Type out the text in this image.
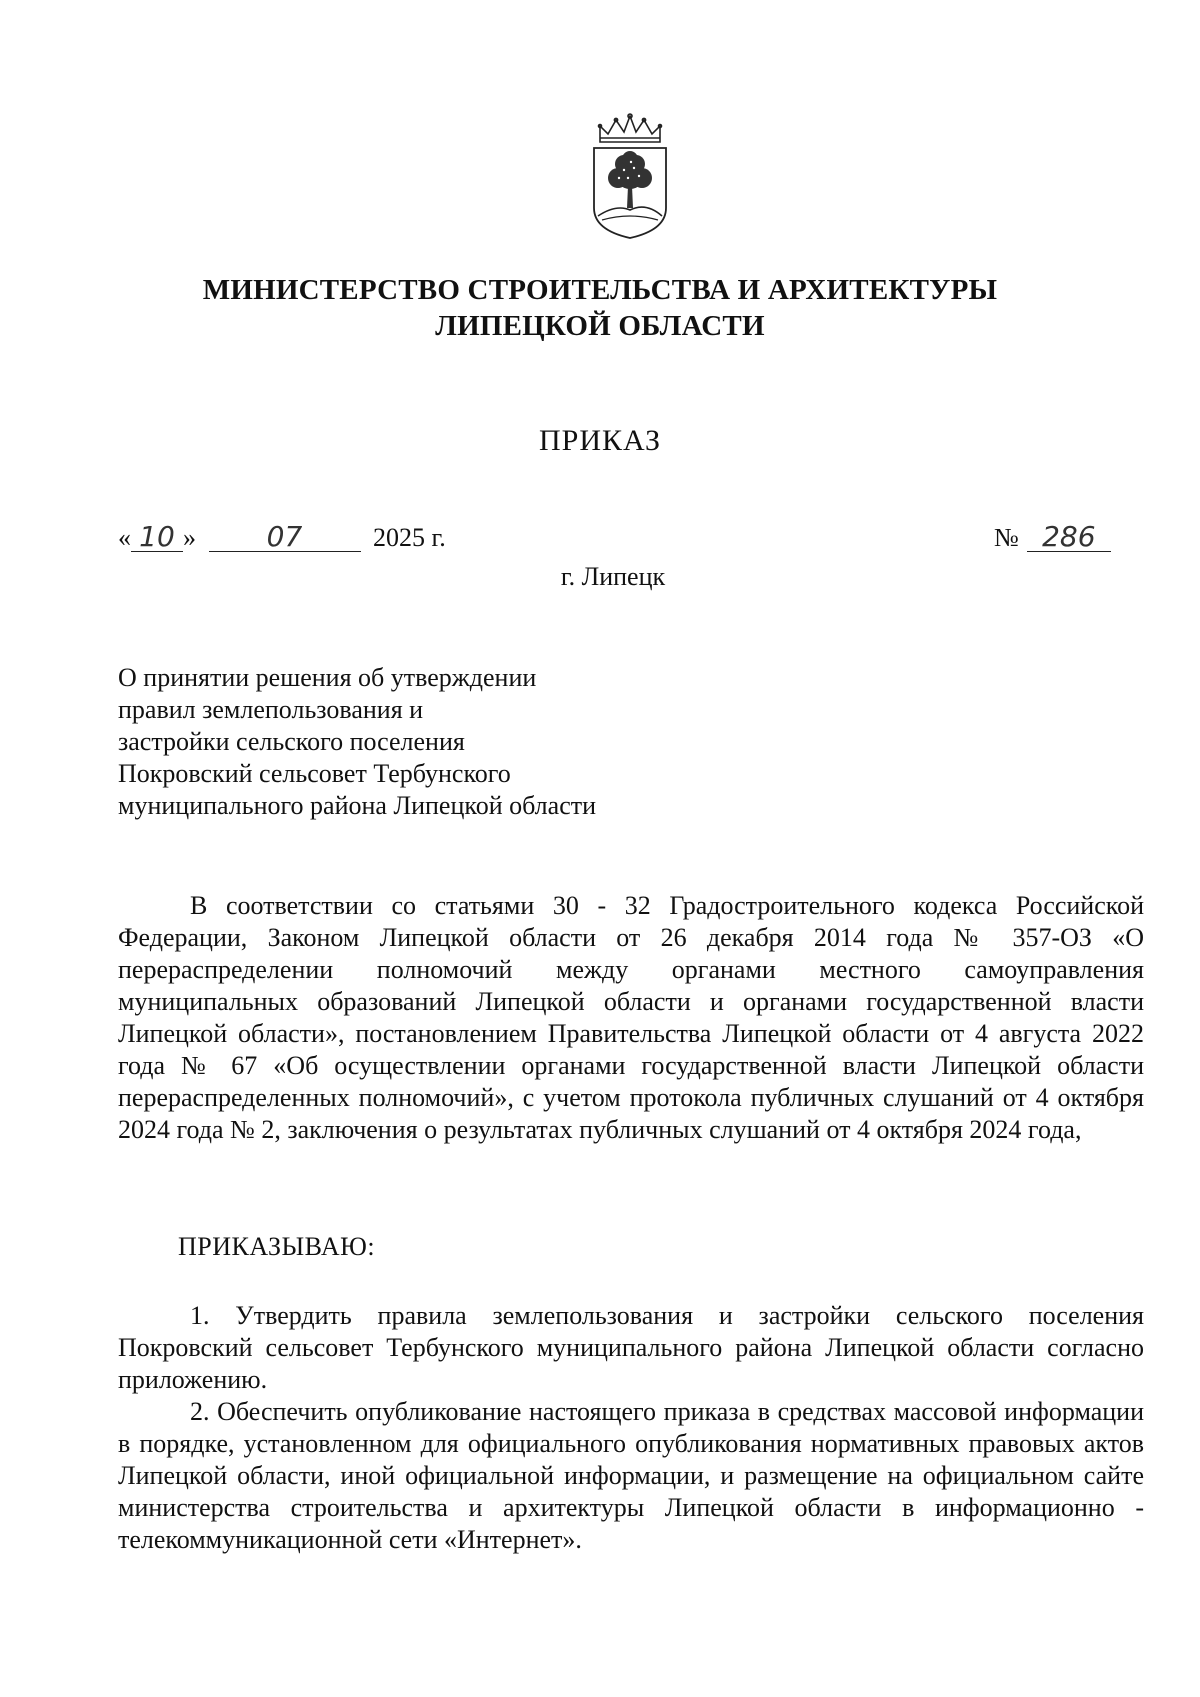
МИНИСТЕРСТВО СТРОИТЕЛЬСТВА И АРХИТЕКТУРЫ
ЛИПЕЦКОЙ ОБЛАСТИ
ПРИКАЗ
« 10 »	07	2025 г.	№ 286
г. Липецк
О принятии решения об утверждении
правил землепользования и
застройки сельского поселения
Покровский сельсовет Тербунского
муниципального района Липецкой области
В соответствии со статьями 30 - 32 Градостроительного кодекса Российской Федерации, Законом Липецкой области от 26 декабря 2014 года № 357-ОЗ «О перераспределении полномочий между органами местного самоуправления муниципальных образований Липецкой области и органами государственной власти Липецкой области», постановлением Правительства Липецкой области от 4 августа 2022 года № 67 «Об осуществлении органами государственной власти Липецкой области перераспределенных полномочий», с учетом протокола публичных слушаний от 4 октября 2024 года № 2, заключения о результатах публичных слушаний от 4 октября 2024 года,
ПРИКАЗЫВАЮ:
1. Утвердить правила землепользования и застройки сельского поселения Покровский сельсовет Тербунского муниципального района Липецкой области согласно приложению.
2. Обеспечить опубликование настоящего приказа в средствах массовой информации в порядке, установленном для официального опубликования нормативных правовых актов Липецкой области, иной официальной информации, и размещение на официальном сайте министерства строительства и архитектуры Липецкой области в информационно - телекоммуникационной сети «Интернет».
